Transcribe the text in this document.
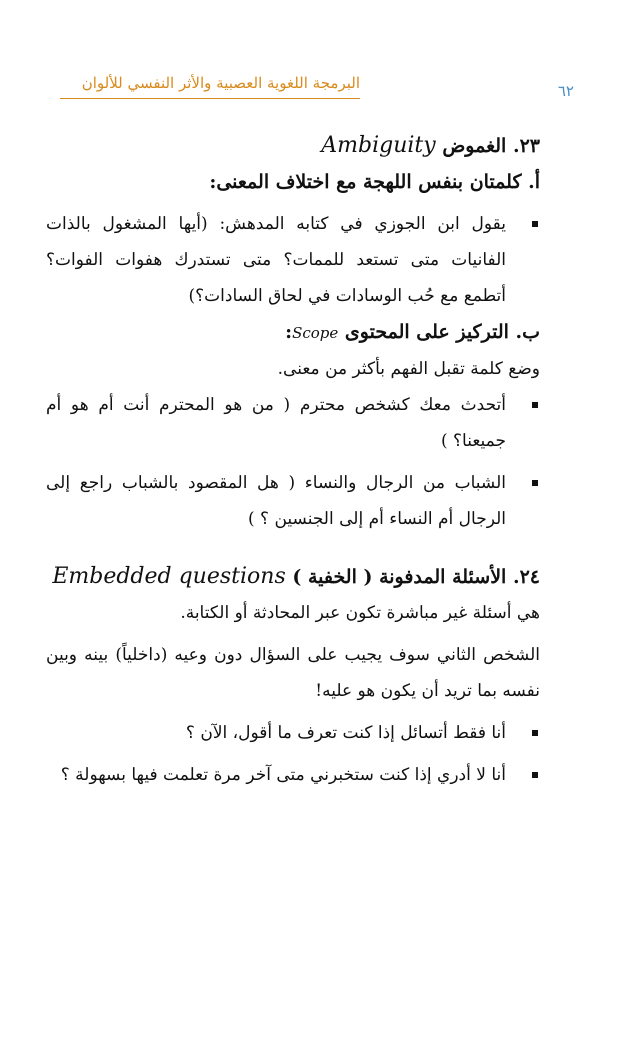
البرمجة اللغوية العصبية والأثر النفسي للألوان	٦٢

٢٣. الغموض Ambiguity

أ. كلمتان بنفس اللهجة مع اختلاف المعنى:

يقول ابن الجوزي في كتابه المدهش: (أيها المشغول بالذات الفانيات متى تستعد للممات؟ متى تستدرك هفوات الفوات؟ أتطمع مع حُب الوسادات في لحاق السادات؟)

ب. التركيز على المحتوى Scope:

وضع كلمة تقبل الفهم بأكثر من معنى.

أتحدث معك كشخص محترم ( من هو المحترم أنت أم هو أم جميعنا؟ )

الشباب من الرجال والنساء ( هل المقصود بالشباب راجع إلى الرجال أم النساء أم إلى الجنسين ؟ )

٢٤. الأسئلة المدفونة ( الخفية ) Embedded questions

هي أسئلة غير مباشرة تكون عبر المحادثة أو الكتابة.

الشخص الثاني سوف يجيب على السؤال دون وعيه (داخلياً) بينه وبين نفسه بما تريد أن يكون هو عليه!

أنا فقط أتسائل إذا كنت تعرف ما أقول، الآن ؟

أنا لا أدري إذا كنت ستخبرني متى آخر مرة تعلمت فيها بسهولة ؟
